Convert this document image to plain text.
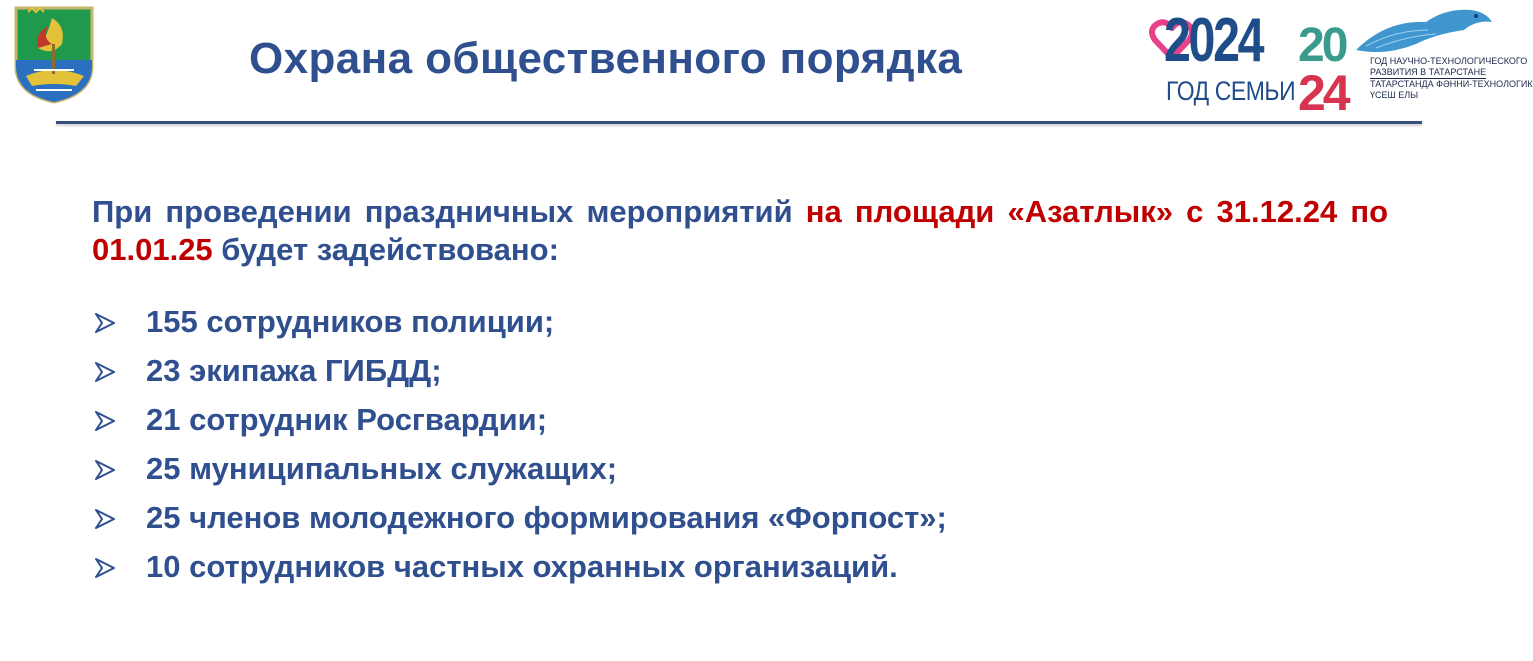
Охрана общественного порядка	2024
ГОД СЕМЬИ
20
24
ГОД НАУЧНО-ТЕХНОЛОГИЧЕСКОГО
РАЗВИТИЯ В ТАТАРСТАНЕ
ТАТАРСТАНДА ФӘННИ-ТЕХНОЛОГИК
ҮСЕШ ЕЛЫ
При проведении праздничных мероприятий на площади «Азатлык» с 31.12.24 по 01.01.25 будет задействовано:
155 сотрудников полиции;
23 экипажа ГИБДД;
21 сотрудник Росгвардии;
25 муниципальных служащих;
25 членов молодежного формирования «Форпост»;
10 сотрудников частных охранных организаций.
